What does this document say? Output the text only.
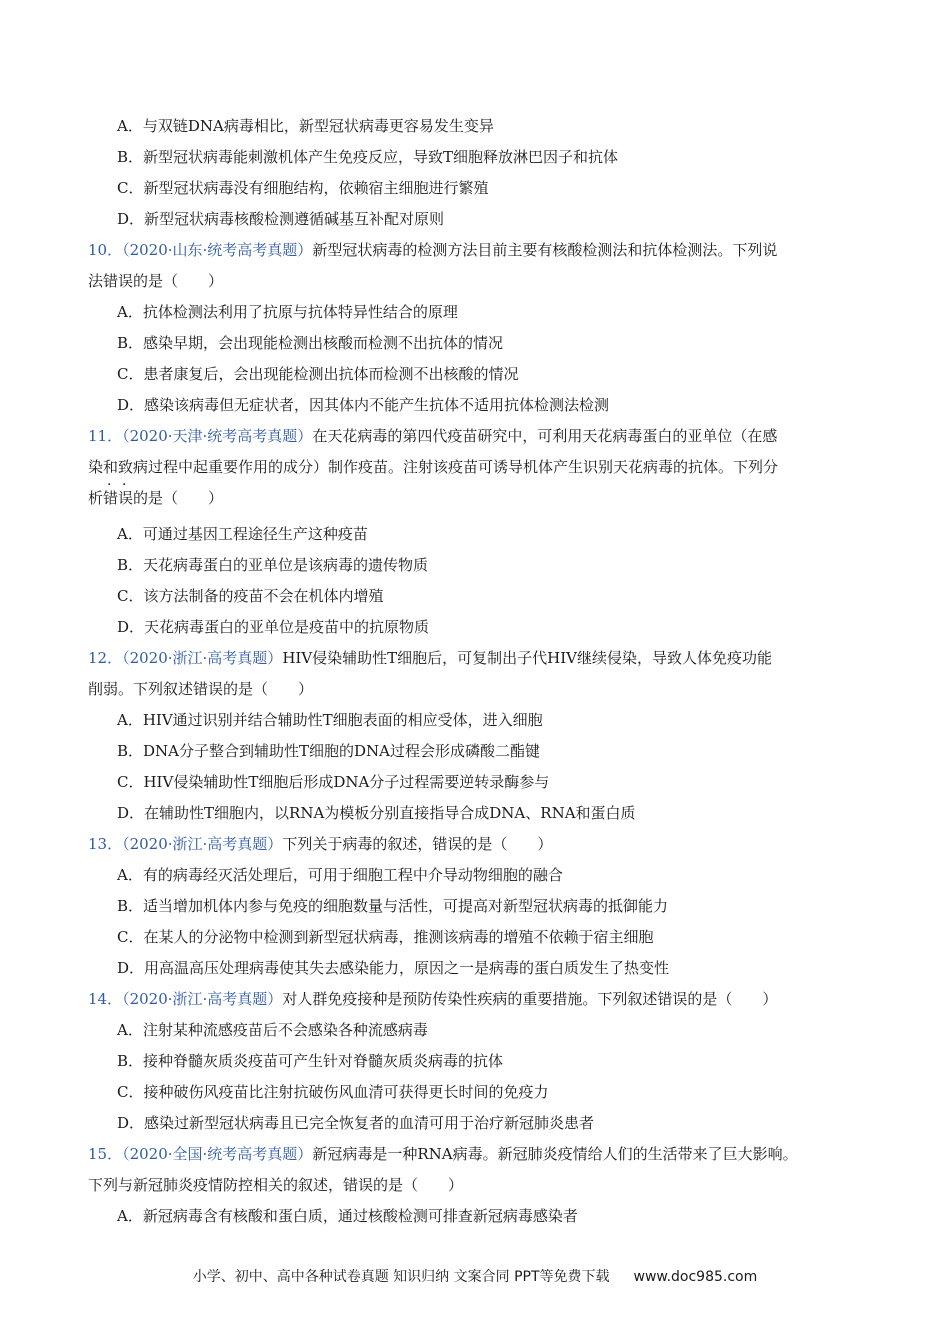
A．与双链DNA病毒相比，新型冠状病毒更容易发生变异
B．新型冠状病毒能刺激机体产生免疫反应，导致T细胞释放淋巴因子和抗体
C．新型冠状病毒没有细胞结构，依赖宿主细胞进行繁殖
D．新型冠状病毒核酸检测遵循碱基互补配对原则
10．（2020·山东·统考高考真题）新型冠状病毒的检测方法目前主要有核酸检测法和抗体检测法。下列说
法错误的是（　　）
A．抗体检测法利用了抗原与抗体特异性结合的原理
B．感染早期，会出现能检测出核酸而检测不出抗体的情况
C．患者康复后，会出现能检测出抗体而检测不出核酸的情况
D．感染该病毒但无症状者，因其体内不能产生抗体不适用抗体检测法检测
11．（2020·天津·统考高考真题）在天花病毒的第四代疫苗研究中，可利用天花病毒蛋白的亚单位（在感
染和致病过程中起重要作用的成分）制作疫苗。注射该疫苗可诱导机体产生识别天花病毒的抗体。下列分
析错误的是（　　）
A．可通过基因工程途径生产这种疫苗
B．天花病毒蛋白的亚单位是该病毒的遗传物质
C．该方法制备的疫苗不会在机体内增殖
D．天花病毒蛋白的亚单位是疫苗中的抗原物质
12．（2020·浙江·高考真题）HIV侵染辅助性T细胞后，可复制出子代HIV继续侵染，导致人体免疫功能
削弱。下列叙述错误的是（　　）
A．HIV通过识别并结合辅助性T细胞表面的相应受体，进入细胞
B．DNA分子整合到辅助性T细胞的DNA过程会形成磷酸二酯键
C．HIV侵染辅助性T细胞后形成DNA分子过程需要逆转录酶参与
D．在辅助性T细胞内，以RNA为模板分别直接指导合成DNA、RNA和蛋白质
13．（2020·浙江·高考真题）下列关于病毒的叙述，错误的是（　　）
A．有的病毒经灭活处理后，可用于细胞工程中介导动物细胞的融合
B．适当增加机体内参与免疫的细胞数量与活性，可提高对新型冠状病毒的抵御能力
C．在某人的分泌物中检测到新型冠状病毒，推测该病毒的增殖不依赖于宿主细胞
D．用高温高压处理病毒使其失去感染能力，原因之一是病毒的蛋白质发生了热变性
14．（2020·浙江·高考真题）对人群免疫接种是预防传染性疾病的重要措施。下列叙述错误的是（　　）
A．注射某种流感疫苗后不会感染各种流感病毒
B．接种脊髓灰质炎疫苗可产生针对脊髓灰质炎病毒的抗体
C．接种破伤风疫苗比注射抗破伤风血清可获得更长时间的免疫力
D．感染过新型冠状病毒且已完全恢复者的血清可用于治疗新冠肺炎患者
15．（2020·全国·统考高考真题）新冠病毒是一种RNA病毒。新冠肺炎疫情给人们的生活带来了巨大影响。
下列与新冠肺炎疫情防控相关的叙述，错误的是（　　）
A．新冠病毒含有核酸和蛋白质，通过核酸检测可排查新冠病毒感染者
小学、初中、高中各种试卷真题 知识归纳 文案合同 PPT等免费下载 www.doc985.com
